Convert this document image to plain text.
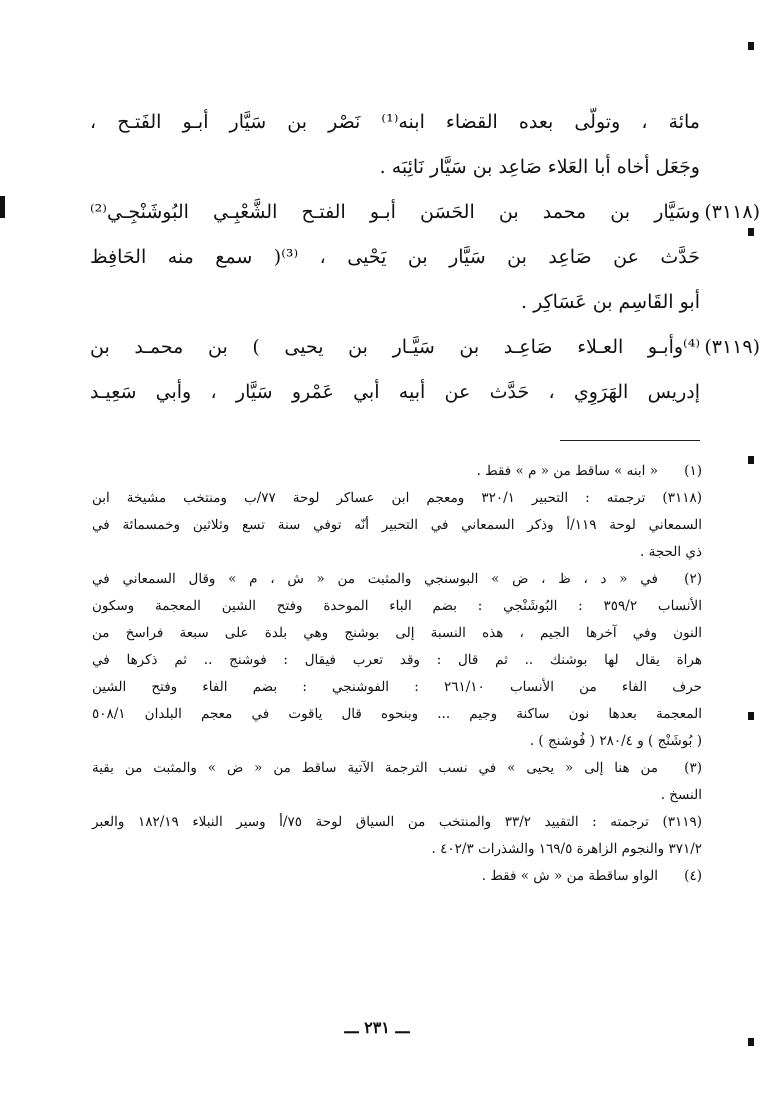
مائة ، وتولّى بعده القضاء ابنه⁽¹⁾ نَصْر بن سَيَّار أبـو الفَتـح ،
وجَعَل أخاه أبا العَلاء صَاعِد بن سَيَّار نَائِبَه .
(٣١١٨)
وسَيَّار بن محمد بن الحَسَن أبـو الفتـح الشَّعْبِـي البُوشَنْجِـي⁽²⁾
حَدَّث عن صَاعِد بن سَيَّار بن يَحْيى ، ⁽³⁾( سمع منه الحَافِظ
أبو القَاسِم بن عَسَاكِر .
(٣١١٩)
⁽⁴⁾وأبـو العـلاء صَاعِـد بن سَيَّـار بن يحيى ) بن محمـد بن
إدريس الهَرَوِي ، حَدَّث عن أبيه أبي عَمْرو سَيَّار ، وأبي سَعِيـد
(١)
« ابنه » ساقط من « م » فقط .
(٣١١٨) ترجمته : التحبير ٣٢٠/١ ومعجم ابن عساكر لوحة ٧٧/ب ومنتخب مشيخة ابن
السمعاني لوحة ١١٩/أ وذكر السمعاني في التحبير أنّه توفي سنة تسع وثلاثين وخمسمائة في
ذي الحجة .
(٢)
في « د ، ظ ، ض » البوسنجي والمثبت من « ش ، م » وقال السمعاني في
الأنساب ٣٥٩/٢ : البُوشَنْجي : بضم الباء الموحدة وفتح الشين المعجمة وسكون
النون وفي آخرها الجيم ، هذه النسبة إلى بوشنج وهي بلدة على سبعة فراسخ من
هراة يقال لها بوشنك .. ثم قال : وقد تعرب فيقال : فوشنج .. ثم ذكرها في
حرف الفاء من الأنساب ٢٦١/١٠ : الفوشنجي : بضم الفاء وفتح الشين
المعجمة بعدها نون ساكنة وجيم ... وبنحوه قال ياقوت في معجم البلدان ٥٠٨/١
( بُوشَنْج ) و ٢٨٠/٤ ( فُوشنج ) .
(٣)
من هنا إلى « يحيى » في نسب الترجمة الآتية ساقط من « ض » والمثبت من بقية
النسخ .
(٣١١٩) ترجمته : التقييد ٣٣/٢ والمنتخب من السياق لوحة ٧٥/أ وسير النبلاء ١٨٢/١٩ والعبر
٣٧١/٢ والنجوم الزاهرة ١٦٩/٥ والشذرات ٤٠٢/٣ .
(٤)
الواو ساقطة من « ش » فقط .
ـــ ٢٣١ ـــ
